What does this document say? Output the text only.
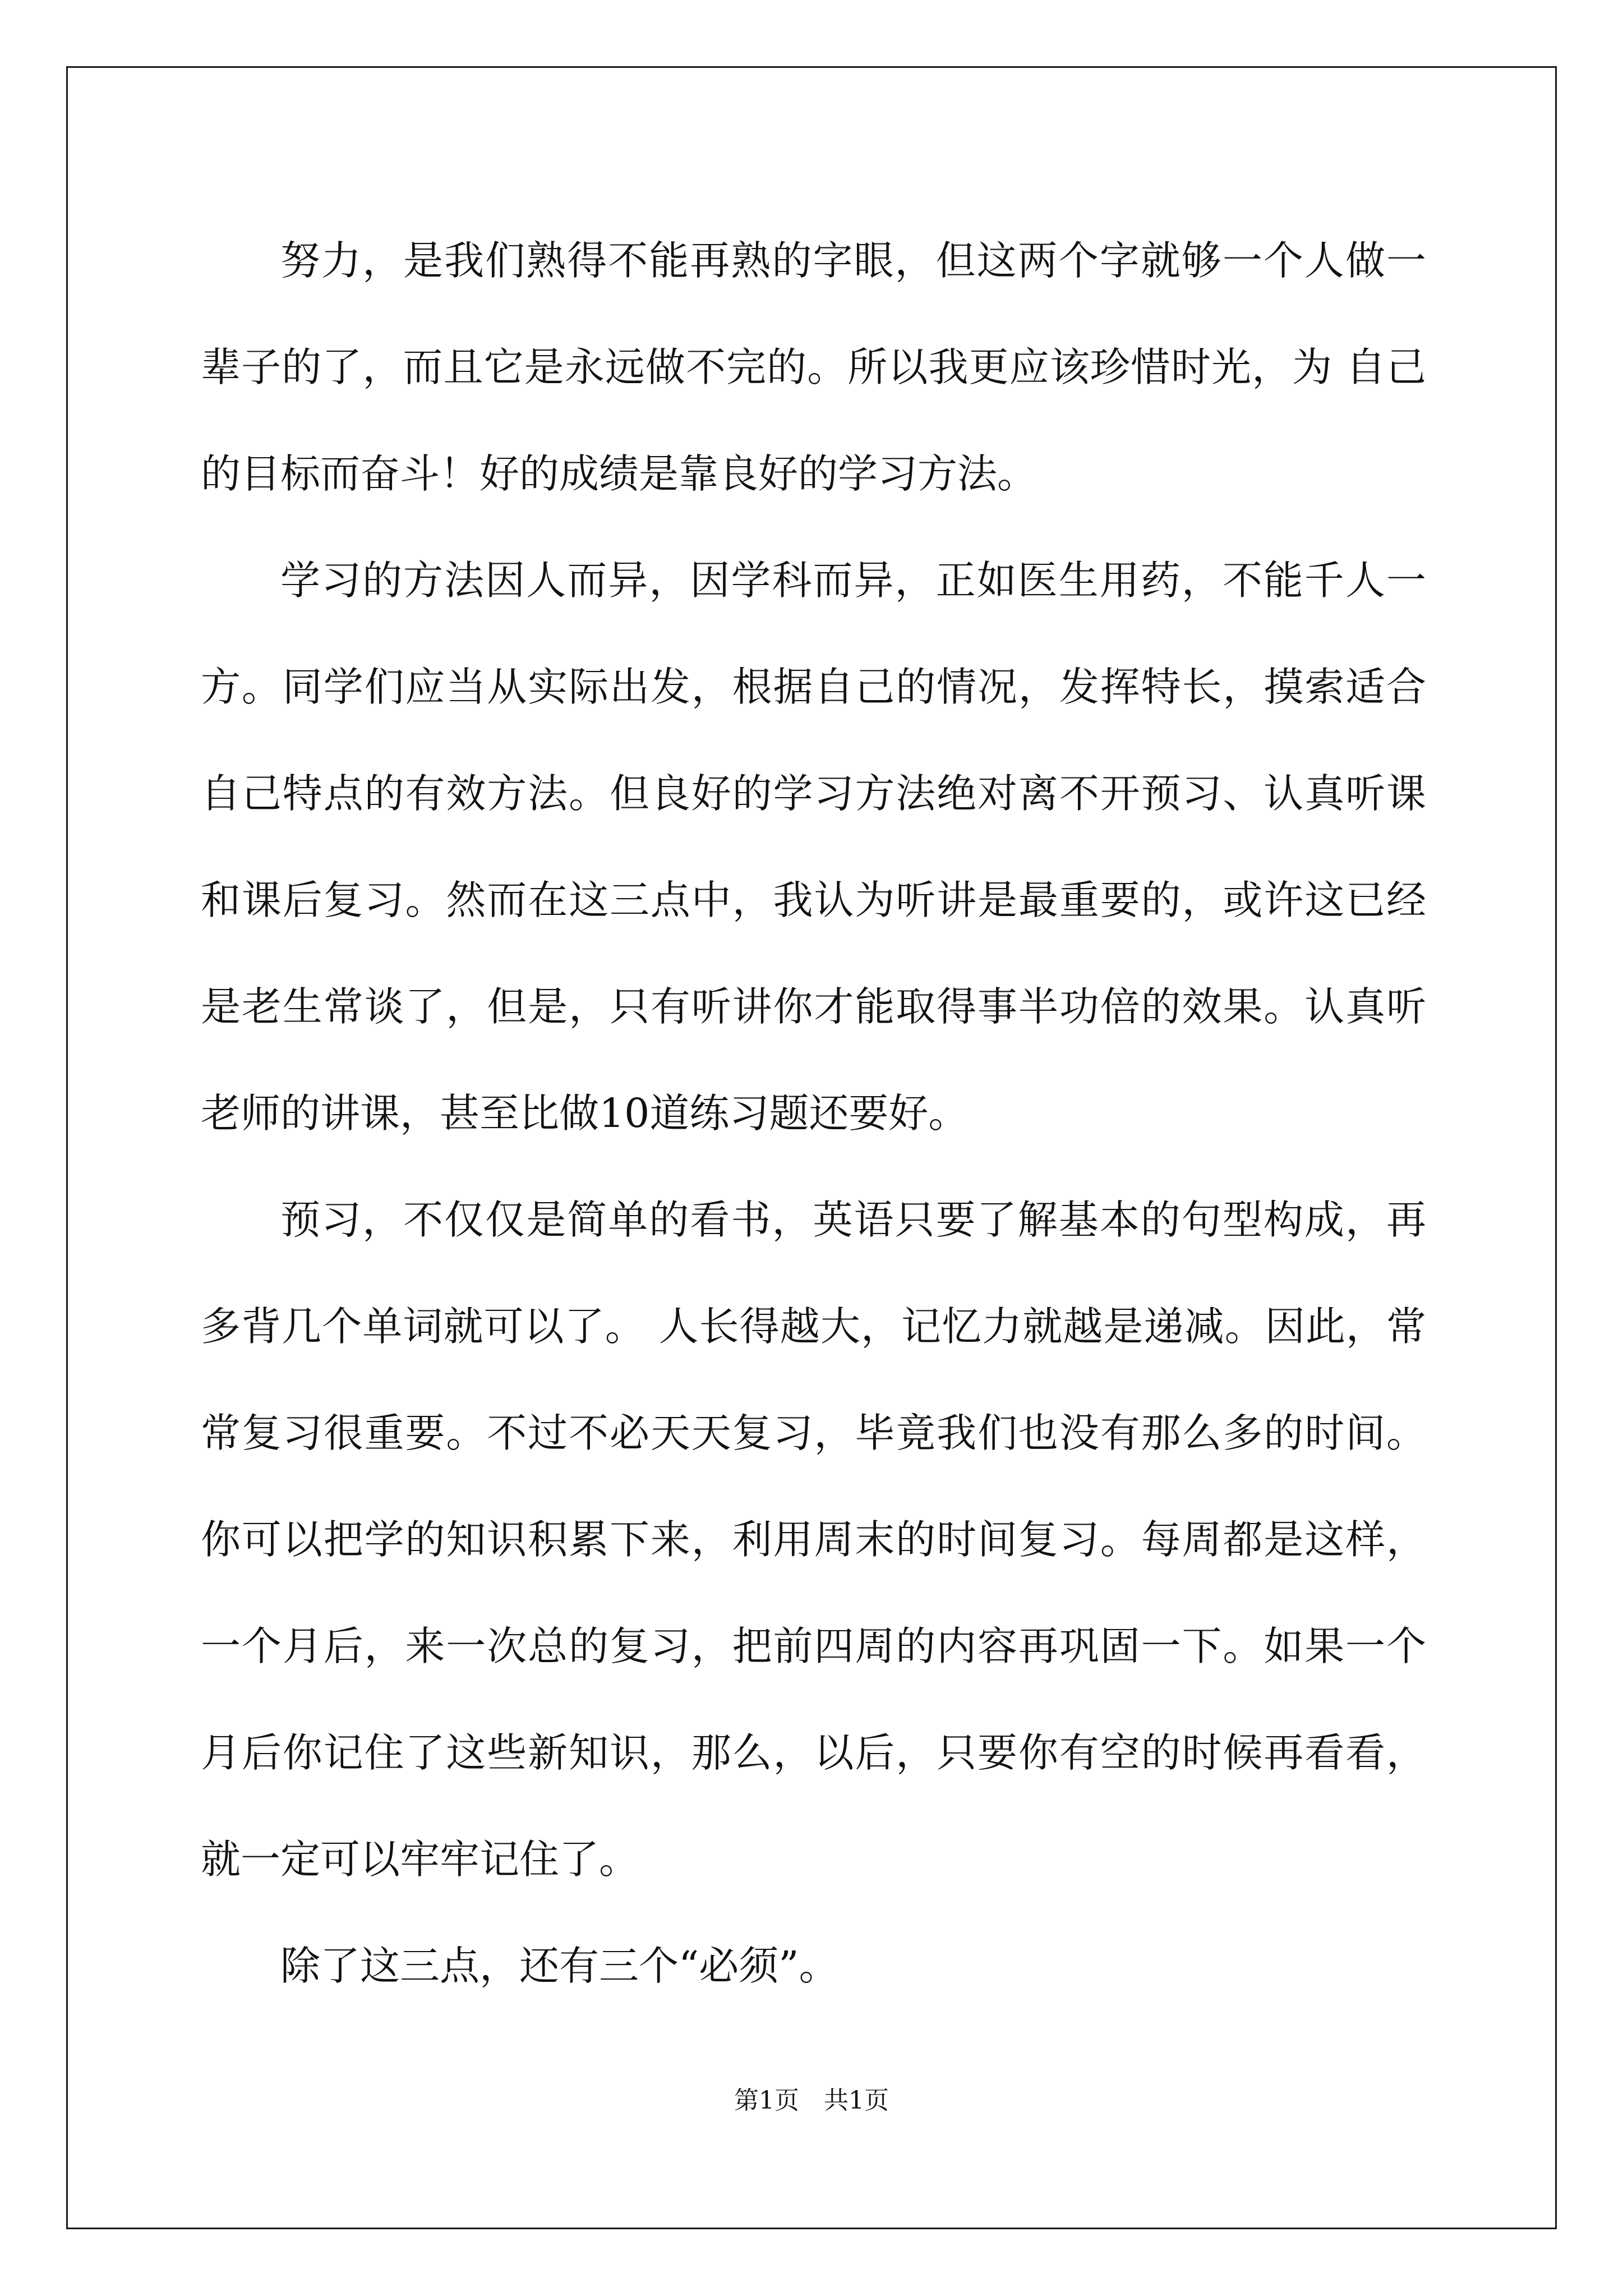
努力，是我们熟得不能再熟的字眼，但这两个字就够一个人做一
辈子的了，而且它是永远做不完的。所以我更应该珍惜时光，为 自己
的目标而奋斗！好的成绩是靠良好的学习方法。
学习的方法因人而异，因学科而异，正如医生用药，不能千人一
方。同学们应当从实际出发，根据自己的情况，发挥特长，摸索适合
自己特点的有效方法。但良好的学习方法绝对离不开预习、认真听课
和课后复习。然而在这三点中，我认为听讲是最重要的，或许这已经
是老生常谈了，但是，只有听讲你才能取得事半功倍的效果。认真听
老师的讲课，甚至比做10道练习题还要好。
预习，不仅仅是简单的看书，英语只要了解基本的句型构成，再
多背几个单词就可以了。 人长得越大，记忆力就越是递减。因此，常
常复习很重要。不过不必天天复习，毕竟我们也没有那么多的时间。
你可以把学的知识积累下来，利用周末的时间复习。每周都是这样，
一个月后，来一次总的复习，把前四周的内容再巩固一下。如果一个
月后你记住了这些新知识，那么，以后，只要你有空的时候再看看，
就一定可以牢牢记住了。
除了这三点，还有三个“必须”。
第1页　共1页
